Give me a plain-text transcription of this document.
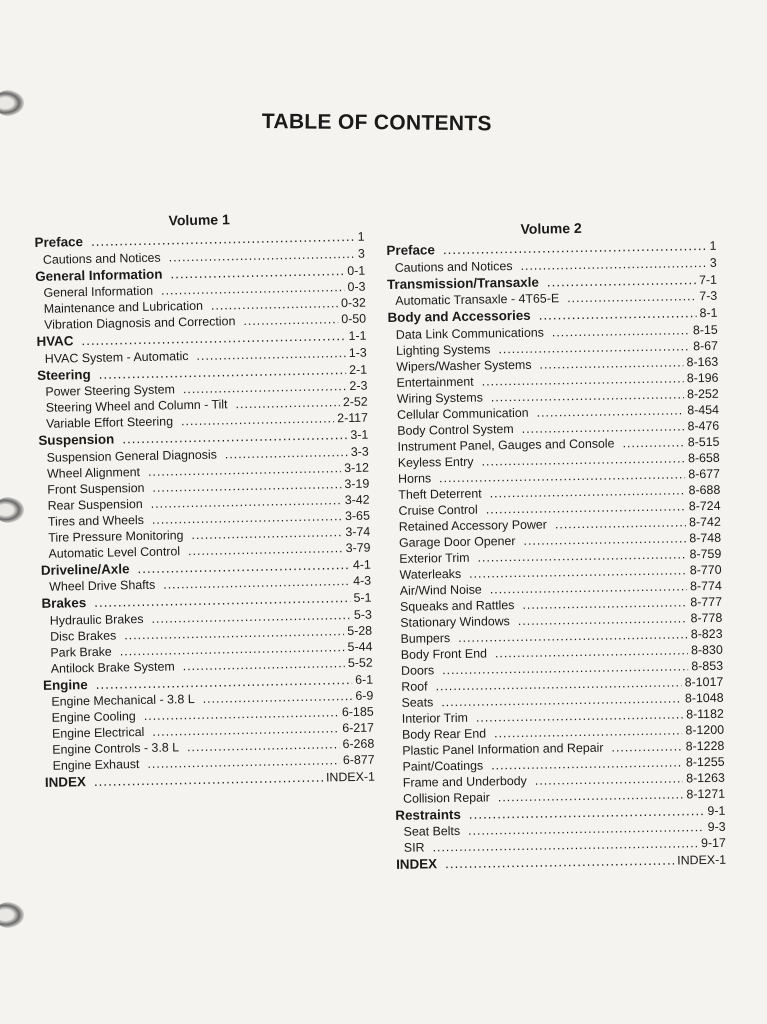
TABLE OF CONTENTS
Volume 1
Preface .....	1
Cautions and Notices .....	3
General Information .....	0-1
General Information .....	0-3
Maintenance and Lubrication .....	0-32
Vibration Diagnosis and Correction .....	0-50
HVAC .....	1-1
HVAC System - Automatic .....	1-3
Steering .....	2-1
Power Steering System .....	2-3
Steering Wheel and Column - Tilt .....	2-52
Variable Effort Steering .....	2-117
Suspension .....	3-1
Suspension General Diagnosis .....	3-3
Wheel Alignment .....	3-12
Front Suspension .....	3-19
Rear Suspension .....	3-42
Tires and Wheels .....	3-65
Tire Pressure Monitoring .....	3-74
Automatic Level Control .....	3-79
Driveline/Axle .....	4-1
Wheel Drive Shafts .....	4-3
Brakes .....	5-1
Hydraulic Brakes .....	5-3
Disc Brakes .....	5-28
Park Brake .....	5-44
Antilock Brake System .....	5-52
Engine .....	6-1
Engine Mechanical - 3.8 L .....	6-9
Engine Cooling .....	6-185
Engine Electrical .....	6-217
Engine Controls - 3.8 L .....	6-268
Engine Exhaust .....	6-877
INDEX .....	INDEX-1
Volume 2
Preface .....	1
Cautions and Notices .....	3
Transmission/Transaxle .....	7-1
Automatic Transaxle - 4T65-E .....	7-3
Body and Accessories .....	8-1
Data Link Communications .....	8-15
Lighting Systems .....	8-67
Wipers/Washer Systems .....	8-163
Entertainment .....	8-196
Wiring Systems .....	8-252
Cellular Communication .....	8-454
Body Control System .....	8-476
Instrument Panel, Gauges and Console .....	8-515
Keyless Entry .....	8-658
Horns .....	8-677
Theft Deterrent .....	8-688
Cruise Control .....	8-724
Retained Accessory Power .....	8-742
Garage Door Opener .....	8-748
Exterior Trim .....	8-759
Waterleaks .....	8-770
Air/Wind Noise .....	8-774
Squeaks and Rattles .....	8-777
Stationary Windows .....	8-778
Bumpers .....	8-823
Body Front End .....	8-830
Doors .....	8-853
Roof .....	8-1017
Seats .....	8-1048
Interior Trim .....	8-1182
Body Rear End .....	8-1200
Plastic Panel Information and Repair .....	8-1228
Paint/Coatings .....	8-1255
Frame and Underbody .....	8-1263
Collision Repair .....	8-1271
Restraints .....	9-1
Seat Belts .....	9-3
SIR .....	9-17
INDEX .....	INDEX-1
